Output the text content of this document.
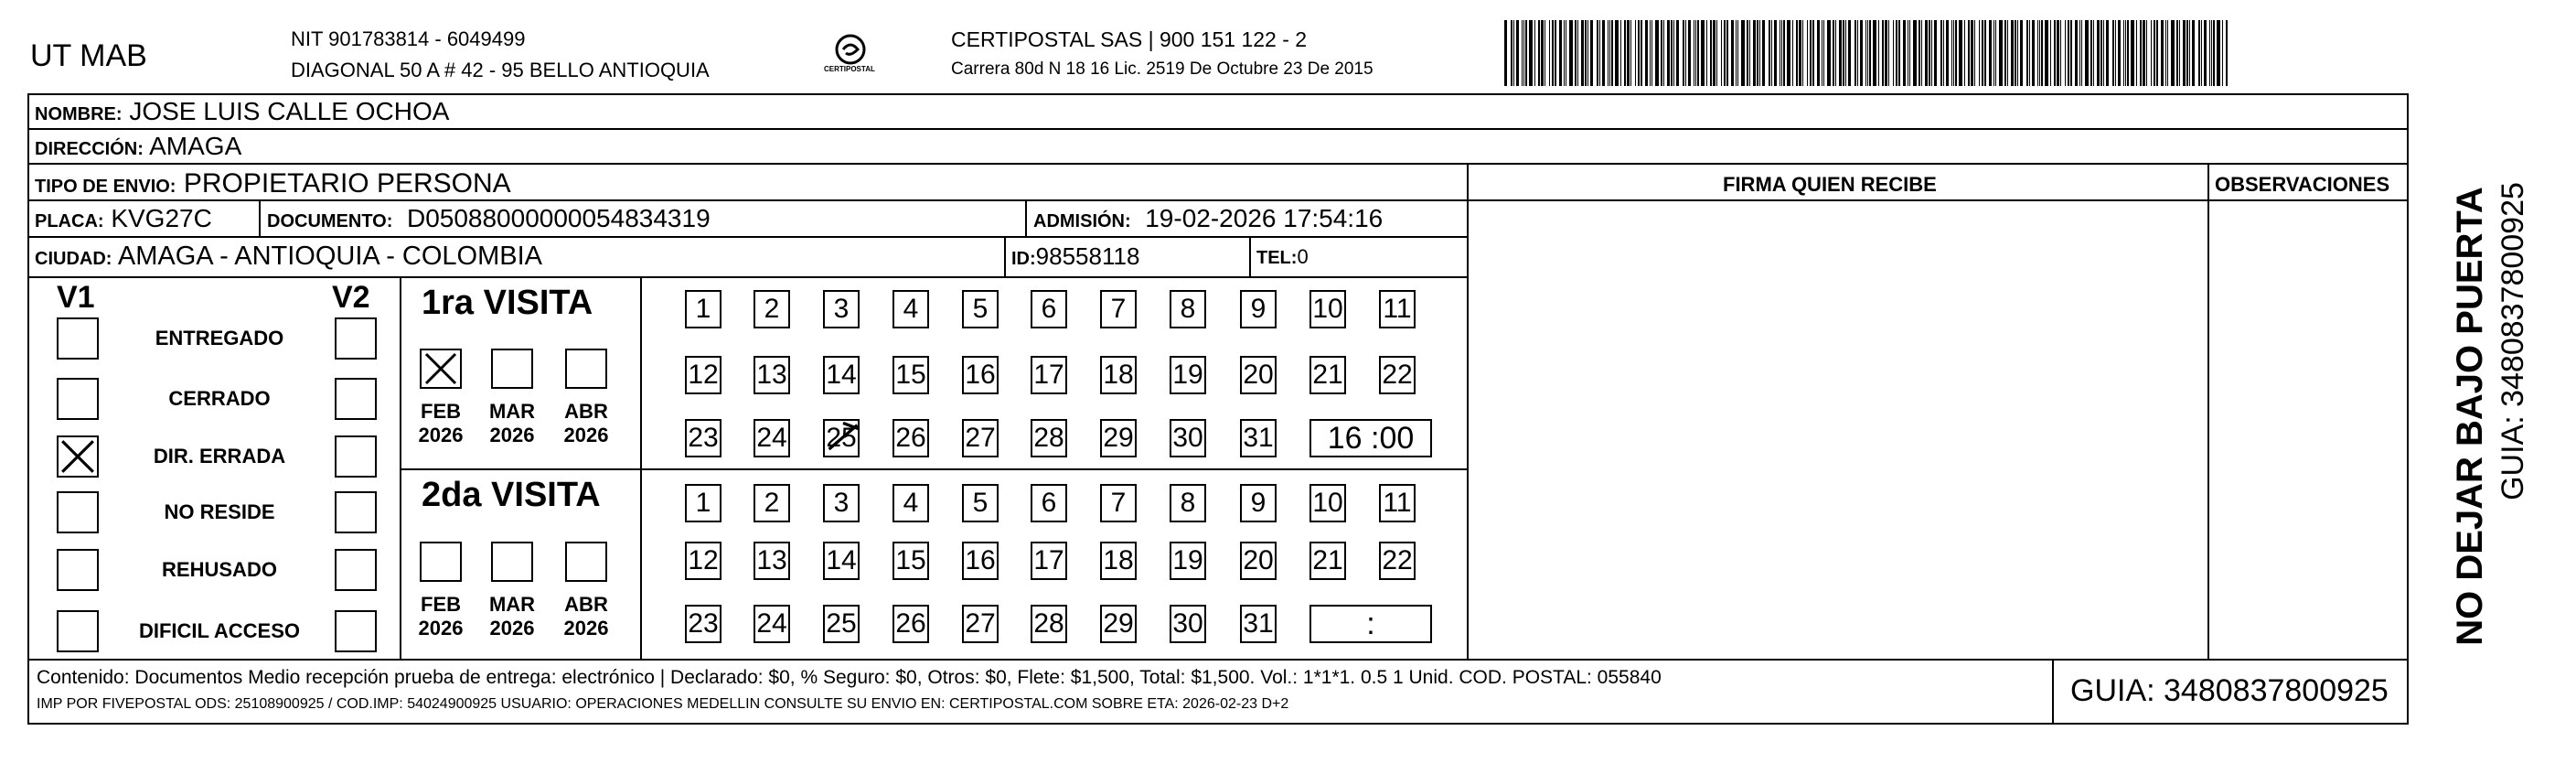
UT MAB	NIT 901783814 - 6049499
DIAGONAL 50 A # 42 - 95 BELLO ANTIOQUIA	CERTIPOSTAL
CERTIPOSTAL SAS | 900 151 122 - 2
Carrera 80d N 18 16 Lic. 2519 De Octubre 23 De 2015
NOMBRE: JOSE LUIS CALLE OCHOA
DIRECCIÓN: AMAGA
TIPO DE ENVIO: PROPIETARIO PERSONA
PLACA: KVG27C	DOCUMENTO: D05088000000054834319	ADMISIÓN: 19-02-2026 17:54:16
CIUDAD: AMAGA - ANTIOQUIA - COLOMBIA	ID:98558118	TEL:0
FIRMA QUIEN RECIBE	OBSERVACIONES
V1	V2
ENTREGADO
CERRADO
DIR. ERRADA
NO RESIDE
REHUSADO
DIFICIL ACCESO
1ra VISITA
FEB
2026
MAR
2026
ABR
2026
1	2	3	4	5	6	7	8	9	10 11
12 13 14 15 16 17 18 19 20 21 22
23 24 25 26 27 28 29 30 31	16 :00
2da VISITA
FEB
2026
MAR
2026
ABR
2026
1	2	3	4	5	6	7	8	9	10 11
12 13 14 15 16 17 18 19 20 21 22
23 24 25 26 27 28 29 30 31	:
Contenido: Documentos Medio recepción prueba de entrega: electrónico | Declarado: $0, % Seguro: $0, Otros: $0, Flete: $1,500, Total: $1,500. Vol.: 1*1*1. 0.5 1 Unid. COD. POSTAL: 055840
IMP POR FIVEPOSTAL ODS: 25108900925 / COD.IMP: 54024900925 USUARIO: OPERACIONES MEDELLIN CONSULTE SU ENVIO EN: CERTIPOSTAL.COM SOBRE ETA: 2026-02-23 D+2	GUIA: 3480837800925
NO DEJAR BAJO PUERTA GUIA: 3480837800925
